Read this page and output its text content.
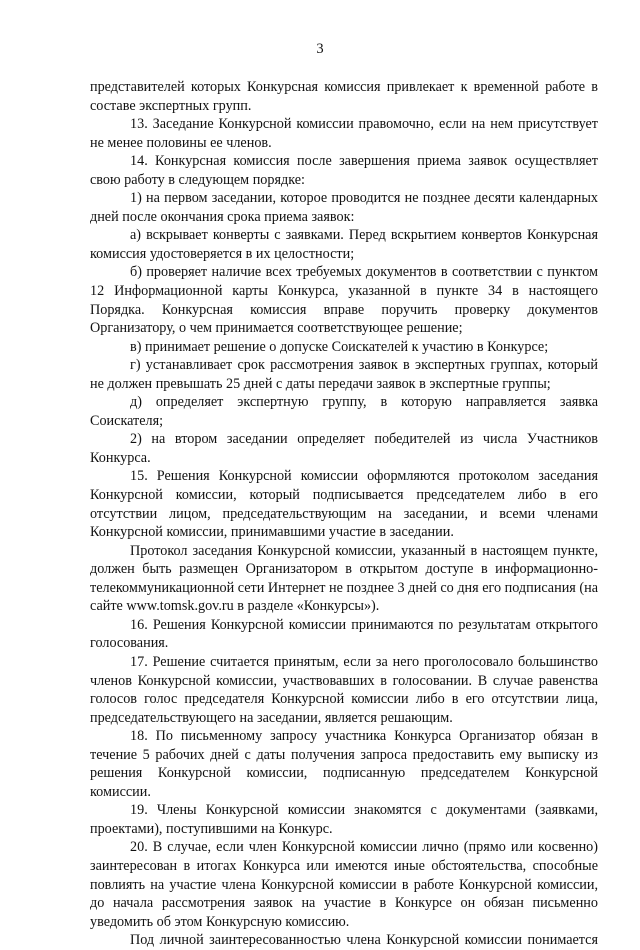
3

представителей которых Конкурсная комиссия привлекает к временной работе в составе экспертных групп.

13. Заседание Конкурсной комиссии правомочно, если на нем присутствует не менее половины ее членов.

14. Конкурсная комиссия после завершения приема заявок осуществляет свою работу в следующем порядке:

1) на первом заседании, которое проводится не позднее десяти календарных дней после окончания срока приема заявок:

а) вскрывает конверты с заявками. Перед вскрытием конвертов Конкурсная комиссия удостоверяется в их целостности;

б) проверяет наличие всех требуемых документов в соответствии с пунктом 12 Информационной карты Конкурса, указанной в пункте 34 в настоящего Порядка. Конкурсная комиссия вправе поручить проверку документов Организатору, о чем принимается соответствующее решение;

в) принимает решение о допуске Соискателей к участию в Конкурсе;

г) устанавливает срок рассмотрения заявок в экспертных группах, который не должен превышать 25 дней с даты передачи заявок в экспертные группы;

д) определяет экспертную группу, в которую направляется заявка Соискателя;

2) на втором заседании определяет победителей из числа Участников Конкурса.

15. Решения Конкурсной комиссии оформляются протоколом заседания Конкурсной комиссии, который подписывается председателем либо в его отсутствии лицом, председательствующим на заседании, и всеми членами Конкурсной комиссии, принимавшими участие в заседании.

Протокол заседания Конкурсной комиссии, указанный в настоящем пункте, должен быть размещен Организатором в открытом доступе в информационно-телекоммуникационной сети Интернет не позднее 3 дней со дня его подписания (на сайте www.tomsk.gov.ru в разделе «Конкурсы»).

16. Решения Конкурсной комиссии принимаются по результатам открытого голосования.

17. Решение считается принятым, если за него проголосовало большинство членов Конкурсной комиссии, участвовавших в голосовании. В случае равенства голосов голос председателя Конкурсной комиссии либо в его отсутствии лица, председательствующего на заседании, является решающим.

18. По письменному запросу участника Конкурса Организатор обязан в течение 5 рабочих дней с даты получения запроса предоставить ему выписку из решения Конкурсной комиссии, подписанную председателем Конкурсной комиссии.

19. Члены Конкурсной комиссии знакомятся с документами (заявками, проектами), поступившими на Конкурс.

20. В случае, если член Конкурсной комиссии лично (прямо или косвенно) заинтересован в итогах Конкурса или имеются иные обстоятельства, способные повлиять на участие члена Конкурсной комиссии в работе Конкурсной комиссии, до начала рассмотрения заявок на участие в Конкурсе он обязан письменно уведомить об этом Конкурсную комиссию.

Под личной заинтересованностью члена Конкурсной комиссии понимается
